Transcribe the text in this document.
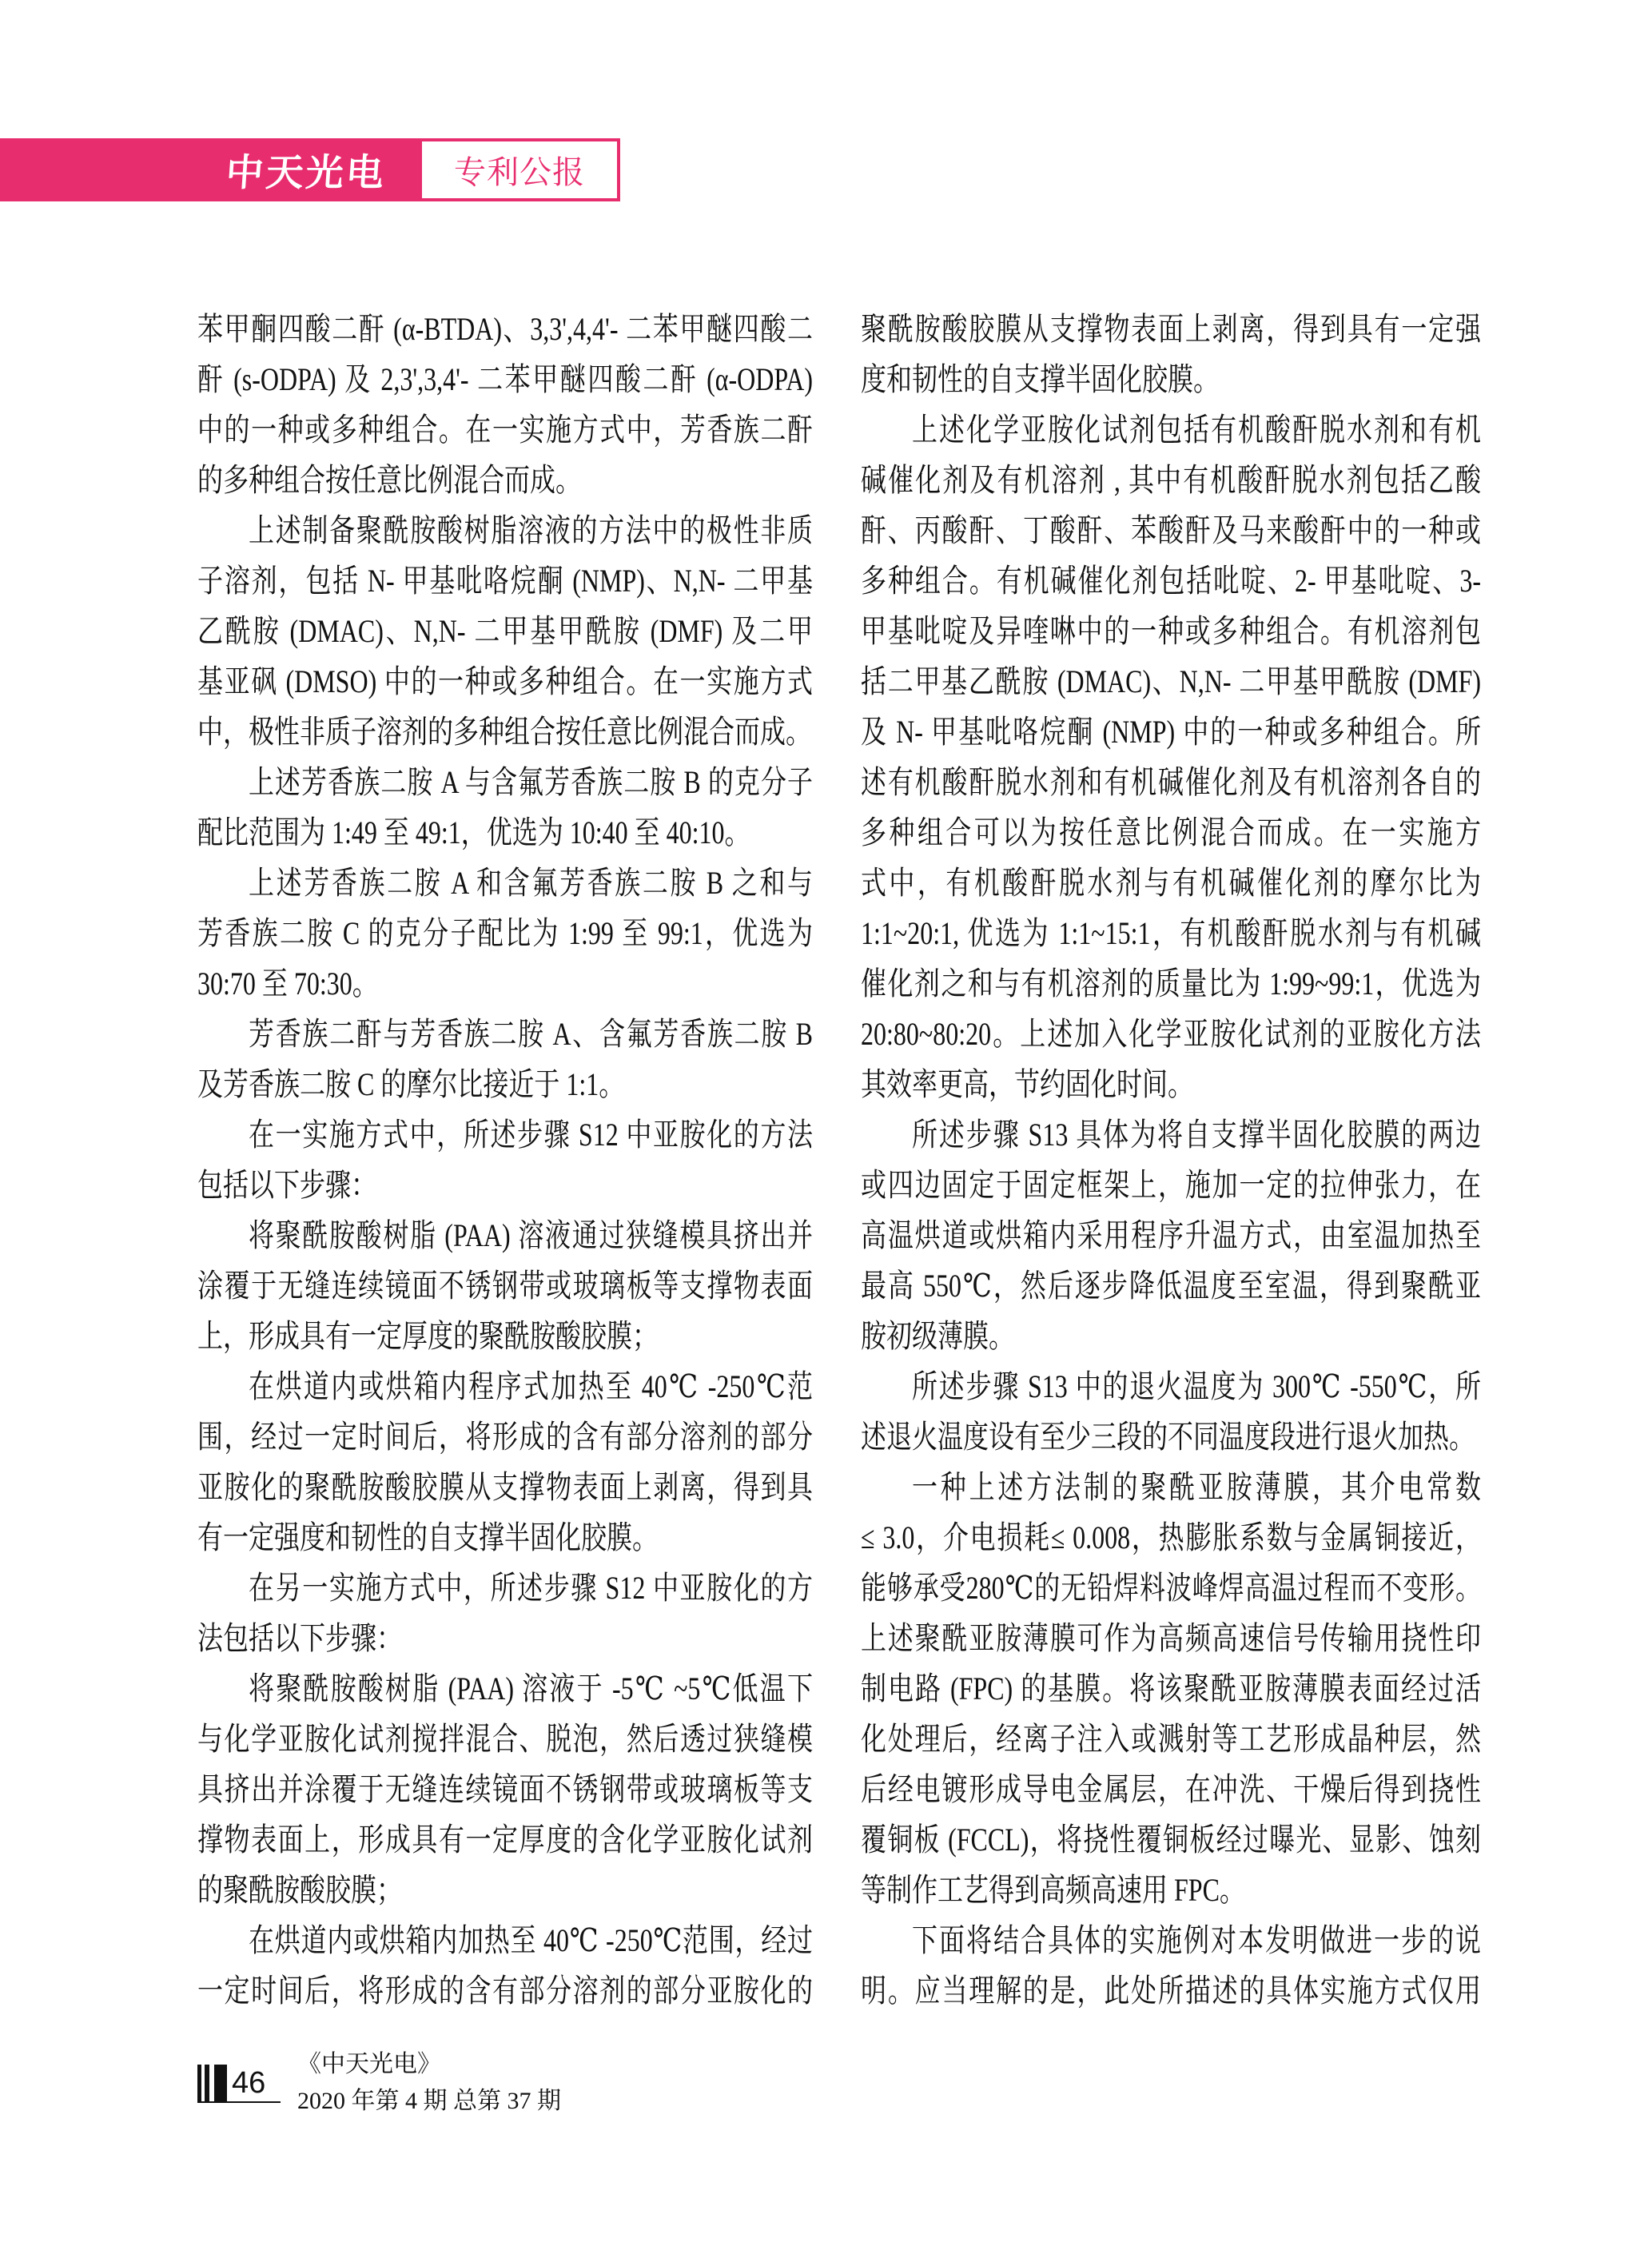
中天光电 专利公报
苯甲酮四酸二酐 (α-BTDA)、3,3',4,4'- 二苯甲醚四酸二
酐 (s-ODPA) 及 2,3',3,4'- 二苯甲醚四酸二酐 (α-ODPA)
中的一种或多种组合。在一实施方式中，芳香族二酐
的多种组合按任意比例混合而成。
上述制备聚酰胺酸树脂溶液的方法中的极性非质
子溶剂，包括 N- 甲基吡咯烷酮 (NMP)、N,N- 二甲基
乙酰胺 (DMAC)、N,N- 二甲基甲酰胺 (DMF) 及二甲
基亚砜 (DMSO) 中的一种或多种组合。在一实施方式
中，极性非质子溶剂的多种组合按任意比例混合而成。
上述芳香族二胺 A 与含氟芳香族二胺 B 的克分子
配比范围为 1:49 至 49:1，优选为 10:40 至 40:10。
上述芳香族二胺 A 和含氟芳香族二胺 B 之和与
芳香族二胺 C 的克分子配比为 1:99 至 99:1，优选为
30:70 至 70:30。
芳香族二酐与芳香族二胺 A、含氟芳香族二胺 B
及芳香族二胺 C 的摩尔比接近于 1:1。
在一实施方式中，所述步骤 S12 中亚胺化的方法
包括以下步骤：
将聚酰胺酸树脂 (PAA) 溶液通过狭缝模具挤出并
涂覆于无缝连续镜面不锈钢带或玻璃板等支撑物表面
上，形成具有一定厚度的聚酰胺酸胶膜；
在烘道内或烘箱内程序式加热至 40℃ -250℃范
围，经过一定时间后，将形成的含有部分溶剂的部分
亚胺化的聚酰胺酸胶膜从支撑物表面上剥离，得到具
有一定强度和韧性的自支撑半固化胶膜。
在另一实施方式中，所述步骤 S12 中亚胺化的方
法包括以下步骤：
将聚酰胺酸树脂 (PAA) 溶液于 -5℃ ~5℃低温下
与化学亚胺化试剂搅拌混合、脱泡，然后透过狭缝模
具挤出并涂覆于无缝连续镜面不锈钢带或玻璃板等支
撑物表面上，形成具有一定厚度的含化学亚胺化试剂
的聚酰胺酸胶膜；
在烘道内或烘箱内加热至 40℃ -250℃范围，经过
一定时间后，将形成的含有部分溶剂的部分亚胺化的
聚酰胺酸胶膜从支撑物表面上剥离，得到具有一定强
度和韧性的自支撑半固化胶膜。
上述化学亚胺化试剂包括有机酸酐脱水剂和有机
碱催化剂及有机溶剂 , 其中有机酸酐脱水剂包括乙酸
酐、丙酸酐、丁酸酐、苯酸酐及马来酸酐中的一种或
多种组合。有机碱催化剂包括吡啶、2- 甲基吡啶、3-
甲基吡啶及异喹啉中的一种或多种组合。有机溶剂包
括二甲基乙酰胺 (DMAC)、N,N- 二甲基甲酰胺 (DMF)
及 N- 甲基吡咯烷酮 (NMP) 中的一种或多种组合。所
述有机酸酐脱水剂和有机碱催化剂及有机溶剂各自的
多种组合可以为按任意比例混合而成。在一实施方
式中，有机酸酐脱水剂与有机碱催化剂的摩尔比为
1:1~20:1, 优选为 1:1~15:1，有机酸酐脱水剂与有机碱
催化剂之和与有机溶剂的质量比为 1:99~99:1，优选为
20:80~80:20。上述加入化学亚胺化试剂的亚胺化方法
其效率更高，节约固化时间。
所述步骤 S13 具体为将自支撑半固化胶膜的两边
或四边固定于固定框架上，施加一定的拉伸张力，在
高温烘道或烘箱内采用程序升温方式，由室温加热至
最高 550℃，然后逐步降低温度至室温，得到聚酰亚
胺初级薄膜。
所述步骤 S13 中的退火温度为 300℃ -550℃，所
述退火温度设有至少三段的不同温度段进行退火加热。
一种上述方法制的聚酰亚胺薄膜，其介电常数
≤ 3.0，介电损耗≤ 0.008，热膨胀系数与金属铜接近，
能够承受280℃的无铅焊料波峰焊高温过程而不变形。
上述聚酰亚胺薄膜可作为高频高速信号传输用挠性印
制电路 (FPC) 的基膜。将该聚酰亚胺薄膜表面经过活
化处理后，经离子注入或溅射等工艺形成晶种层，然
后经电镀形成导电金属层，在冲洗、干燥后得到挠性
覆铜板 (FCCL)，将挠性覆铜板经过曝光、显影、蚀刻
等制作工艺得到高频高速用 FPC。
下面将结合具体的实施例对本发明做进一步的说
明。应当理解的是，此处所描述的具体实施方式仅用
46
《中天光电》
2020 年第 4 期 总第 37 期
